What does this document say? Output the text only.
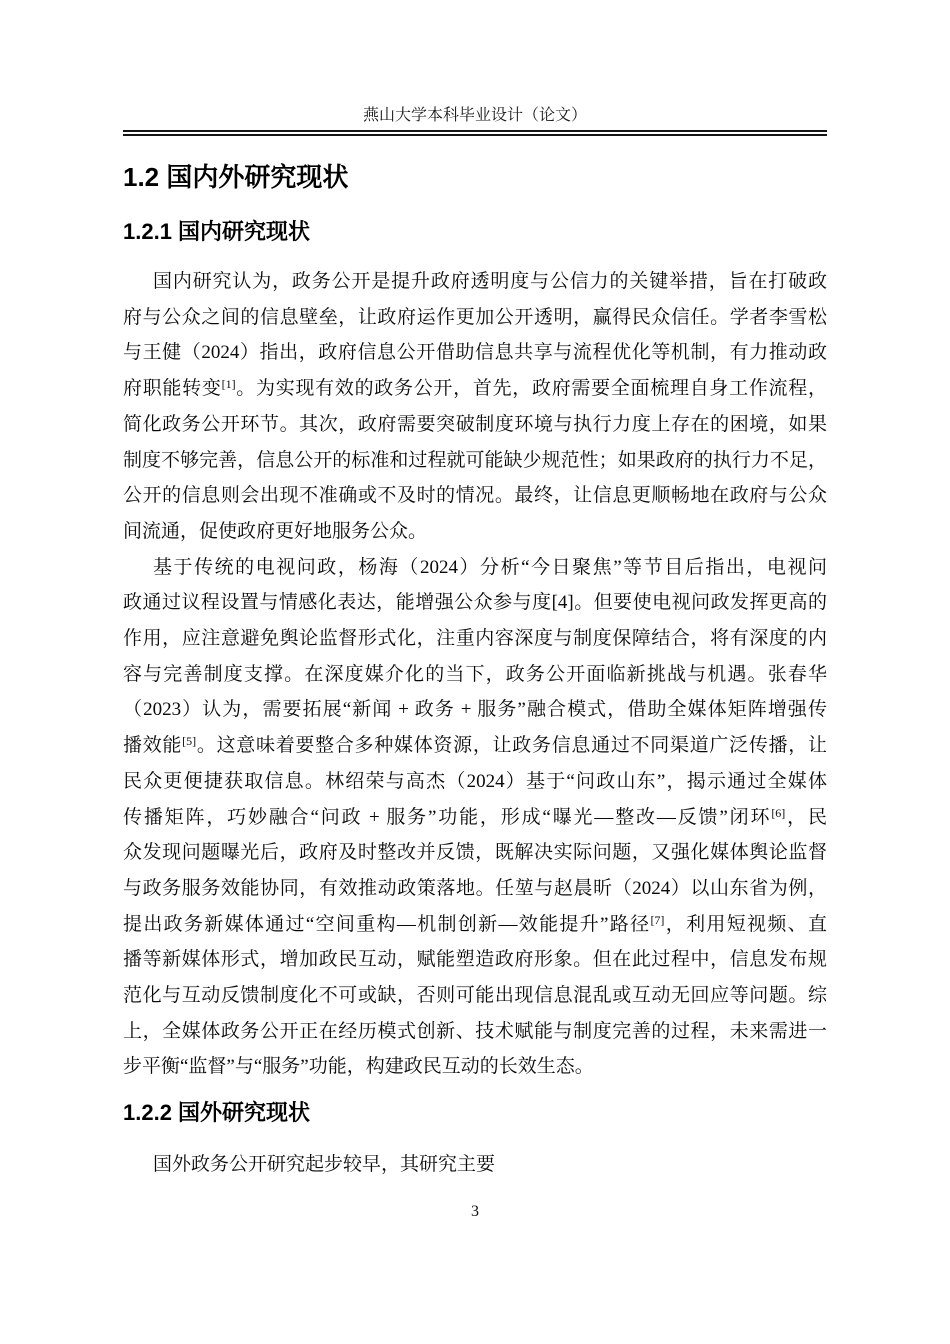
燕山大学本科毕业设计（论文）
1.2 国内外研究现状
1.2.1 国内研究现状
国内研究认为，政务公开是提升政府透明度与公信力的关键举措，旨在打破政
府与公众之间的信息壁垒，让政府运作更加公开透明，赢得民众信任。学者李雪松
与王健（2024）指出，政府信息公开借助信息共享与流程优化等机制，有力推动政
府职能转变[1]。为实现有效的政务公开，首先，政府需要全面梳理自身工作流程，
简化政务公开环节。其次，政府需要突破制度环境与执行力度上存在的困境，如果
制度不够完善，信息公开的标准和过程就可能缺少规范性；如果政府的执行力不足，
公开的信息则会出现不准确或不及时的情况。最终，让信息更顺畅地在政府与公众
间流通，促使政府更好地服务公众。
基于传统的电视问政，杨海（2024）分析“今日聚焦”等节目后指出，电视问
政通过议程设置与情感化表达，能增强公众参与度[4]。但要使电视问政发挥更高的
作用，应注意避免舆论监督形式化，注重内容深度与制度保障结合，将有深度的内
容与完善制度支撑。在深度媒介化的当下，政务公开面临新挑战与机遇。张春华
（2023）认为，需要拓展“新闻 + 政务 + 服务”融合模式，借助全媒体矩阵增强传
播效能[5]。这意味着要整合多种媒体资源，让政务信息通过不同渠道广泛传播，让
民众更便捷获取信息。林绍荣与高杰（2024）基于“问政山东”，揭示通过全媒体
传播矩阵，巧妙融合“问政 + 服务”功能，形成“曝光—整改—反馈”闭环[6]，民
众发现问题曝光后，政府及时整改并反馈，既解决实际问题，又强化媒体舆论监督
与政务服务效能协同，有效推动政策落地。任堃与赵晨昕（2024）以山东省为例，
提出政务新媒体通过“空间重构—机制创新—效能提升”路径[7]，利用短视频、直
播等新媒体形式，增加政民互动，赋能塑造政府形象。但在此过程中，信息发布规
范化与互动反馈制度化不可或缺，否则可能出现信息混乱或互动无回应等问题。综
上，全媒体政务公开正在经历模式创新、技术赋能与制度完善的过程，未来需进一
步平衡“监督”与“服务”功能，构建政民互动的长效生态。
1.2.2 国外研究现状
国外政务公开研究起步较早，其研究主要
3
